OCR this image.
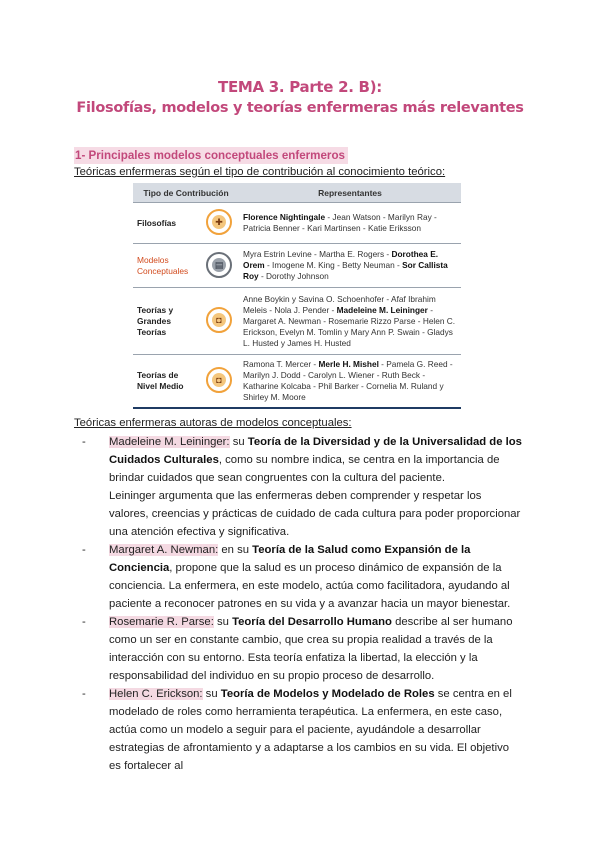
TEMA 3. Parte 2. B):
Filosofías, modelos y teorías enfermeras más relevantes
1- Principales modelos conceptuales enfermeros
Teóricas enfermeras según el tipo de contribución al conocimiento teórico:
Tipo de Contribución		Representantes
Filosofías	✚	Florence Nightingale - Jean Watson - Marilyn Ray - Patricia Benner - Kari Martinsen - Katie Eriksson
Modelos Conceptuales	▤	Myra Estrin Levine - Martha E. Rogers - Dorothea E. Orem - Imogene M. King - Betty Neuman - Sor Callista Roy - Dorothy Johnson
Teorías y Grandes Teorías	◘	Anne Boykin y Savina O. Schoenhofer - Afaf Ibrahim Meleis - Nola J. Pender - Madeleine M. Leininger - Margaret A. Newman - Rosemarie Rizzo Parse - Helen C. Erickson, Evelyn M. Tomlin y Mary Ann P. Swain - Gladys L. Husted y James H. Husted
Teorías de Nivel Medio	◘	Ramona T. Mercer - Merle H. Mishel - Pamela G. Reed - Marilyn J. Dodd - Carolyn L. Wiener - Ruth Beck - Katharine Kolcaba - Phil Barker - Cornelia M. Ruland y Shirley M. Moore
Teóricas enfermeras autoras de modelos conceptuales:
- Madeleine M. Leininger: su Teoría de la Diversidad y de la Universalidad de los Cuidados Culturales, como su nombre indica, se centra en la importancia de brindar cuidados que sean congruentes con la cultura del paciente.
Leininger argumenta que las enfermeras deben comprender y respetar los valores, creencias y prácticas de cuidado de cada cultura para poder proporcionar una atención efectiva y significativa.
- Margaret A. Newman: en su Teoría de la Salud como Expansión de la Conciencia, propone que la salud es un proceso dinámico de expansión de la conciencia. La enfermera, en este modelo, actúa como facilitadora, ayudando al paciente a reconocer patrones en su vida y a avanzar hacia un mayor bienestar.
- Rosemarie R. Parse: su Teoría del Desarrollo Humano describe al ser humano como un ser en constante cambio, que crea su propia realidad a través de la interacción con su entorno. Esta teoría enfatiza la libertad, la elección y la responsabilidad del individuo en su propio proceso de desarrollo.
- Helen C. Erickson: su Teoría de Modelos y Modelado de Roles se centra en el modelado de roles como herramienta terapéutica. La enfermera, en este caso, actúa como un modelo a seguir para el paciente, ayudándole a desarrollar estrategias de afrontamiento y a adaptarse a los cambios en su vida. El objetivo es fortalecer al
